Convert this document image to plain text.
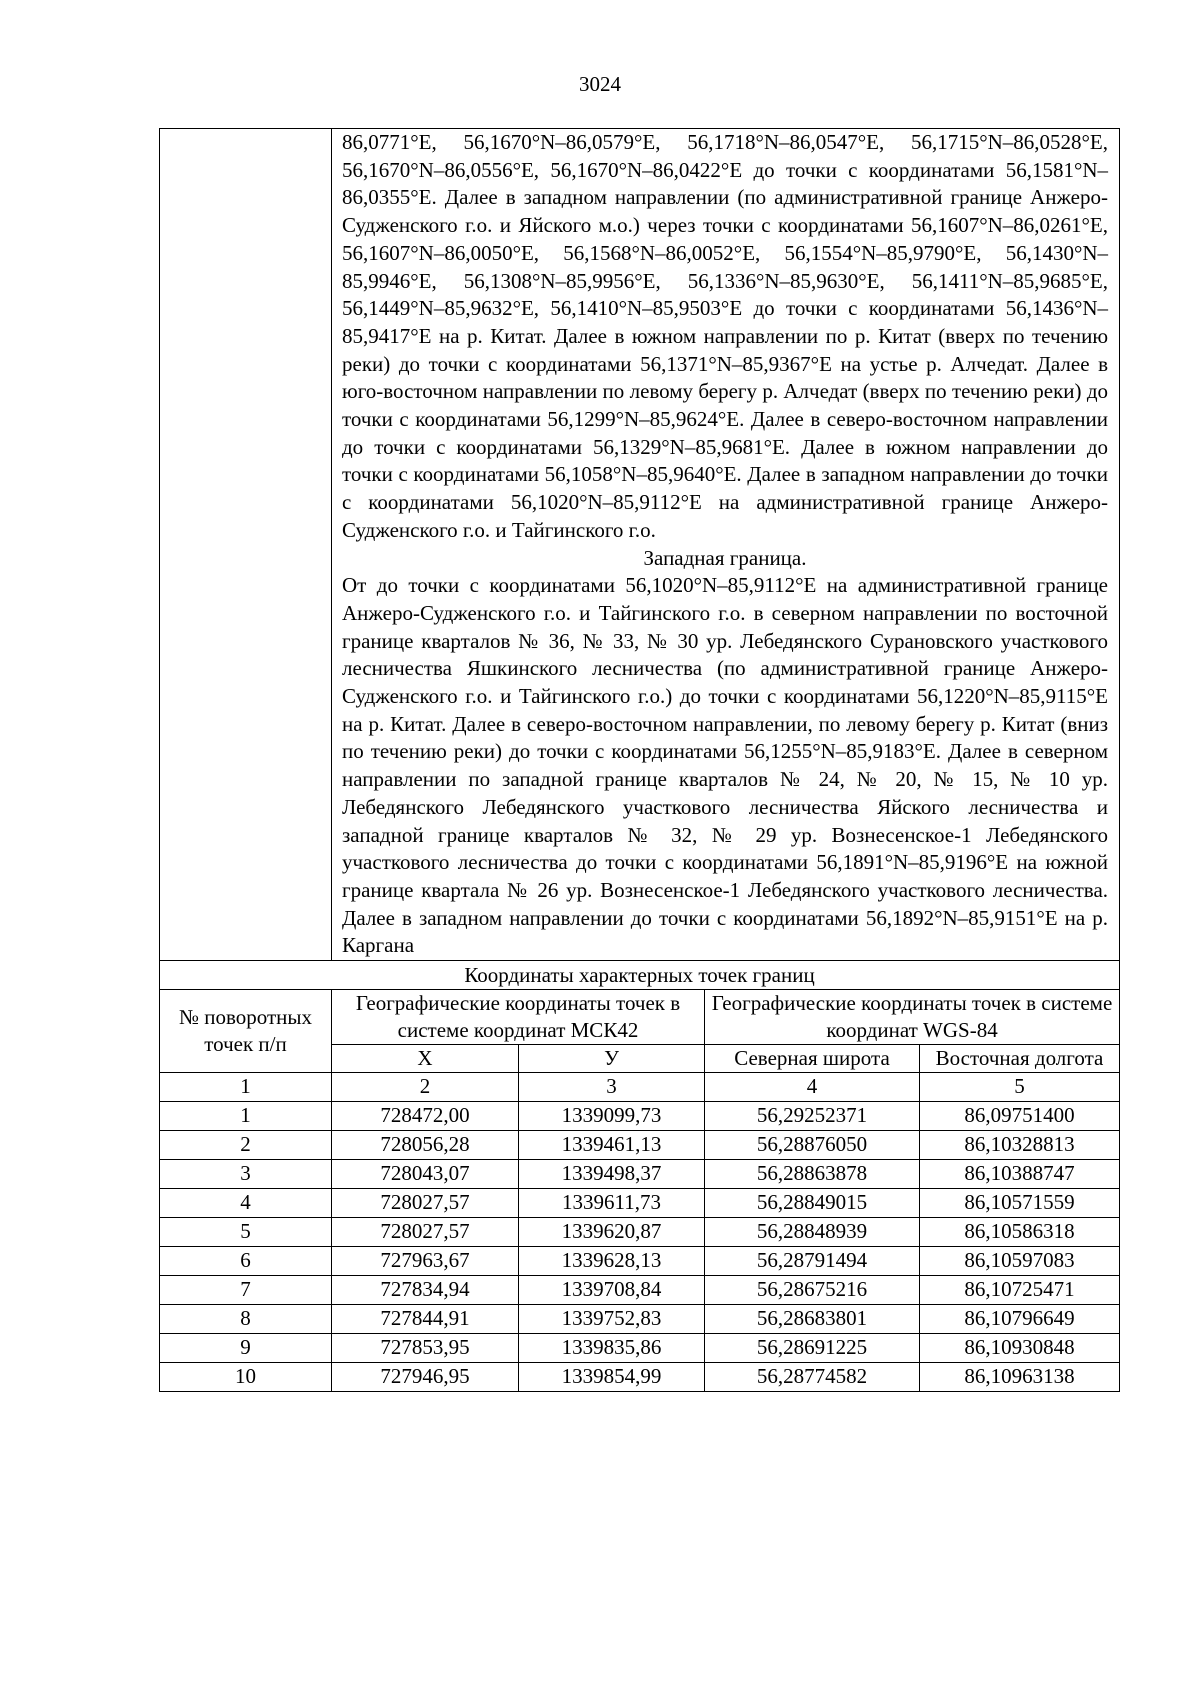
3024

	86,0771°E, 56,1670°N–86,0579°E, 56,1718°N–86,0547°E, 56,1715°N–86,0528°E, 56,1670°N–86,0556°E, 56,1670°N–86,0422°E до точки с координатами 56,1581°N–86,0355°E. Далее в западном направлении (по административной границе Анжеро-Судженского г.о. и Яйского м.о.) через точки с координатами 56,1607°N–86,0261°E, 56,1607°N–86,0050°E, 56,1568°N–86,0052°E, 56,1554°N–85,9790°E, 56,1430°N–85,9946°E, 56,1308°N–85,9956°E, 56,1336°N–85,9630°E, 56,1411°N–85,9685°E, 56,1449°N–85,9632°E, 56,1410°N–85,9503°E до точки с координатами 56,1436°N–85,9417°E на р. Китат. Далее в южном направлении по р. Китат (вверх по течению реки) до точки с координатами 56,1371°N–85,9367°E на устье р. Алчедат. Далее в юго-восточном направлении по левому берегу р. Алчедат (вверх по течению реки) до точки с координатами 56,1299°N–85,9624°E. Далее в северо-восточном направлении до точки с координатами 56,1329°N–85,9681°E. Далее в южном направлении до точки с координатами 56,1058°N–85,9640°E. Далее в западном направлении до точки с координатами 56,1020°N–85,9112°E на административной границе Анжеро-Судженского г.о. и Тайгинского г.о.

Западная граница.

От до точки с координатами 56,1020°N–85,9112°E на административной границе Анжеро-Судженского г.о. и Тайгинского г.о. в северном направлении по восточной границе кварталов № 36, № 33, № 30 ур. Лебедянского Сурановского участкового лесничества Яшкинского лесничества (по административной границе Анжеро-Судженского г.о. и Тайгинского г.о.) до точки с координатами 56,1220°N–85,9115°E на р. Китат. Далее в северо-восточном направлении, по левому берегу р. Китат (вниз по течению реки) до точки с координатами 56,1255°N–85,9183°E. Далее в северном направлении по западной границе кварталов № 24, № 20, № 15, № 10 ур. Лебедянского Лебедянского участкового лесничества Яйского лесничества и западной границе кварталов № 32, № 29 ур. Вознесенское-1 Лебедянского участкового лесничества до точки с координатами 56,1891°N–85,9196°E на южной границе квартала № 26 ур. Вознесенское-1 Лебедянского участкового лесничества. Далее в западном направлении до точки с координатами 56,1892°N–85,9151°E на р. Каргана			

Координаты характерных точек границ				
№ поворотных точек п/п	Географические координаты точек в системе координат МСК42		Географические координаты точек в системе координат WGS-84	
	Х	У	Северная широта	Восточная долгота
1	2	3	4	5
1	728472,00	1339099,73	56,29252371	86,09751400
2	728056,28	1339461,13	56,28876050	86,10328813
3	728043,07	1339498,37	56,28863878	86,10388747
4	728027,57	1339611,73	56,28849015	86,10571559
5	728027,57	1339620,87	56,28848939	86,10586318
6	727963,67	1339628,13	56,28791494	86,10597083
7	727834,94	1339708,84	56,28675216	86,10725471
8	727844,91	1339752,83	56,28683801	86,10796649
9	727853,95	1339835,86	56,28691225	86,10930848
10	727946,95	1339854,99	56,28774582	86,10963138
